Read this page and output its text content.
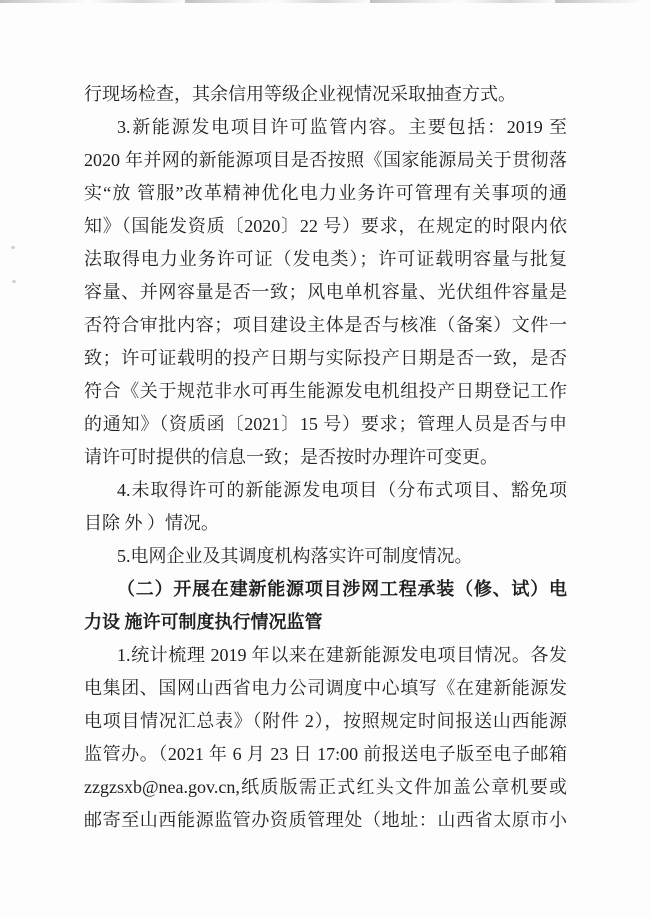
行现场检查，其余信用等级企业视情况采取抽查方式。
3.新能源发电项目许可监管内容。主要包括：2019 至
2020 年并网的新能源项目是否按照《国家能源局关于贯彻落
实“放 管服”改革精神优化电力业务许可管理有关事项的通
知》（国能发资质〔2020〕22 号）要求，在规定的时限内依
法取得电力业务许可证（发电类）；许可证载明容量与批复
容量、并网容量是否一致；风电单机容量、光伏组件容量是
否符合审批内容；项目建设主体是否与核准（备案）文件一
致；许可证载明的投产日期与实际投产日期是否一致，是否
符合《关于规范非水可再生能源发电机组投产日期登记工作
的通知》（资质函〔2021〕15 号）要求；管理人员是否与申
请许可时提供的信息一致；是否按时办理许可变更。
4.未取得许可的新能源发电项目（分布式项目、豁免项
目除 外 ）情况。
5.电网企业及其调度机构落实许可制度情况。
（二）开展在建新能源项目涉网工程承装（修、试）电
力设 施许可制度执行情况监管
1.统计梳理 2019 年以来在建新能源发电项目情况。各发
电集团、国网山西省电力公司调度中心填写《在建新能源发
电项目情况汇总表》（附件 2），按照规定时间报送山西能源
监管办。（2021 年 6 月 23 日 17:00 前报送电子版至电子邮箱
zzgzsxb@nea.gov.cn,纸质版需正式红头文件加盖公章机要或
邮寄至山西能源监管办资质管理处（地址：山西省太原市小
